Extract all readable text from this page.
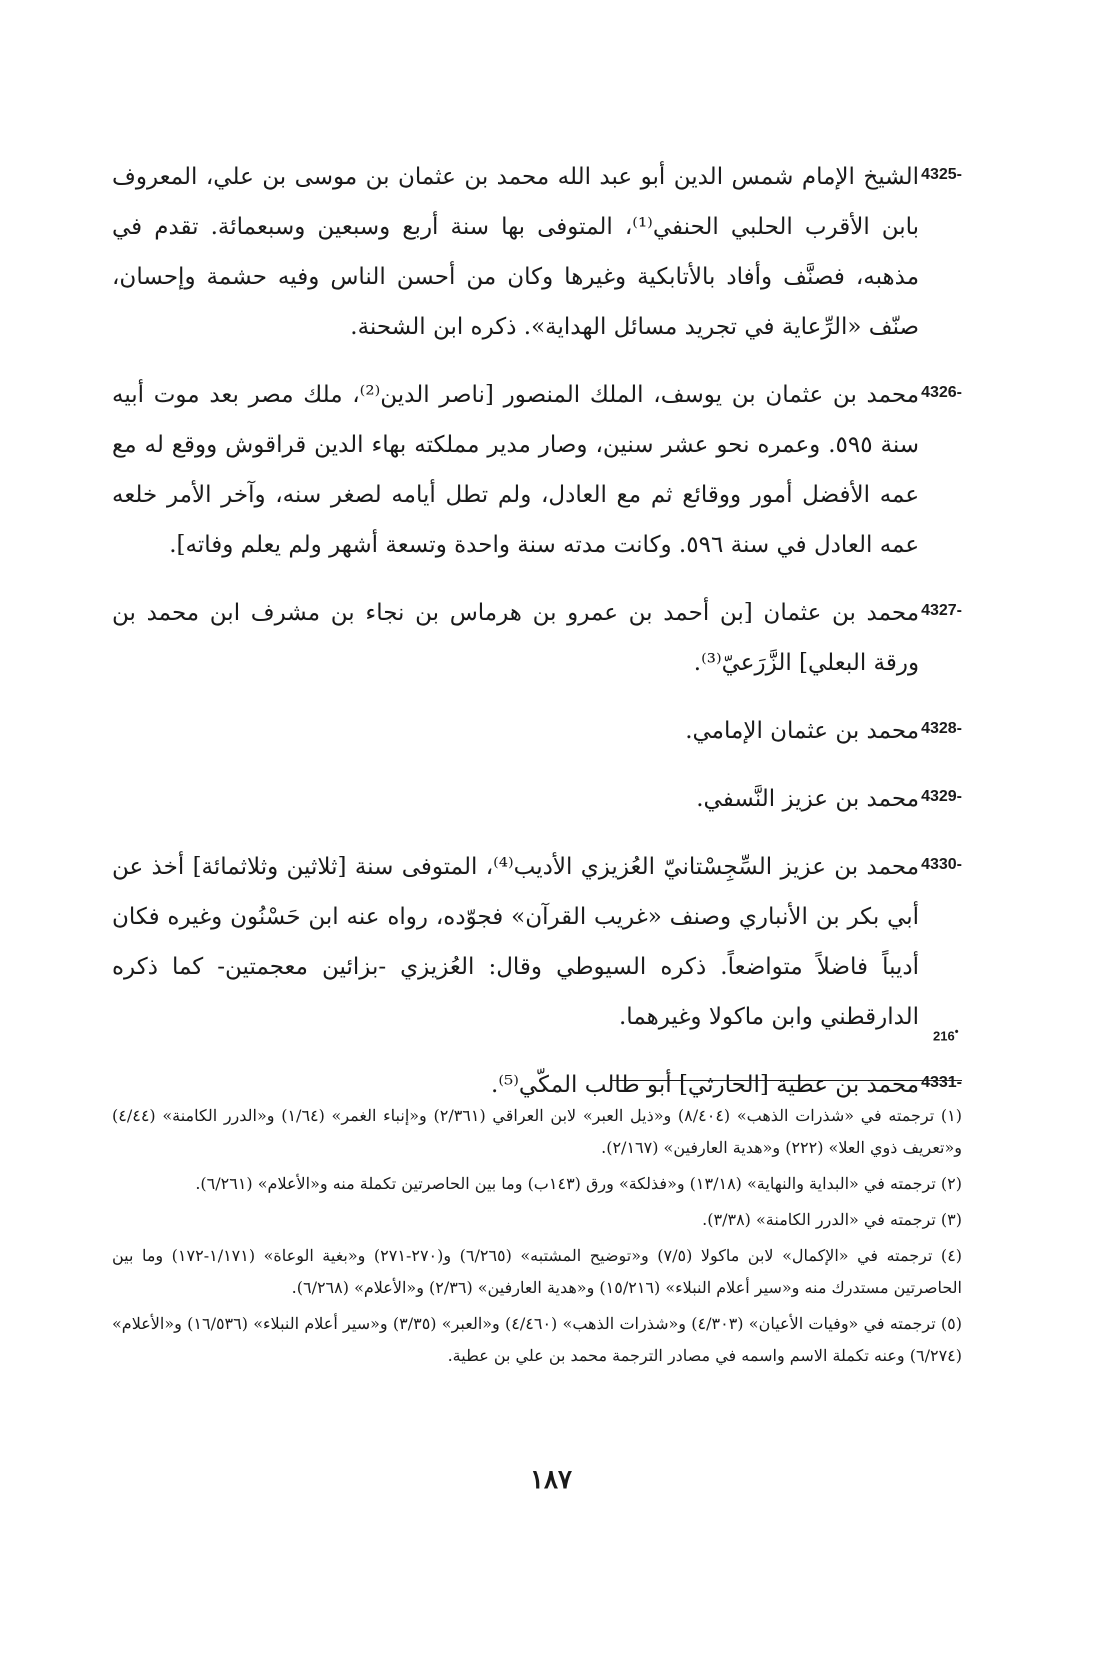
4325-
الشيخ الإمام شمس الدين أبو عبد الله محمد بن عثمان بن موسى بن علي، المعروف بابن الأقرب الحلبي الحنفي⁽¹⁾، المتوفى بها سنة أربع وسبعين وسبعمائة. تقدم في مذهبه، فصنَّف وأفاد بالأتابكية وغيرها وكان من أحسن الناس وفيه حشمة وإحسان، صنّف «الرِّعاية في تجريد مسائل الهداية». ذكره ابن الشحنة.
4326-
محمد بن عثمان بن يوسف، الملك المنصور [ناصر الدين⁽²⁾، ملك مصر بعد موت أبيه سنة ٥٩٥. وعمره نحو عشر سنين، وصار مدير مملكته بهاء الدين قراقوش ووقع له مع عمه الأفضل أمور ووقائع ثم مع العادل، ولم تطل أيامه لصغر سنه، وآخر الأمر خلعه عمه العادل في سنة ٥٩٦. وكانت مدته سنة واحدة وتسعة أشهر ولم يعلم وفاته].
4327-
محمد بن عثمان [بن أحمد بن عمرو بن هرماس بن نجاء بن مشرف ابن محمد بن ورقة البعلي] الزَّرَعيّ⁽³⁾.
4328-
محمد بن عثمان الإمامي.
4329-
محمد بن عزيز النَّسفي.
4330-
محمد بن عزيز السِّجِسْتانيّ العُزيزي الأديب⁽⁴⁾، المتوفى سنة [ثلاثين وثلاثمائة] أخذ عن أبي بكر بن الأنباري وصنف «غريب القرآن» فجوّده، رواه عنه ابن حَسْنُون وغيره فكان أديباً فاضلاً متواضعاً. ذكره السيوطي وقال: العُزيزي -بزائين معجمتين- كما ذكره الدارقطني وابن ماكولا وغيرهما.
4331-
محمد بن عطية [الحارثي] أبو طالب المكّي⁽⁵⁾.
216•
(١) ترجمته في «شذرات الذهب» (٨/٤٠٤) و«ذيل العبر» لابن العراقي (٢/٣٦١) و«إنباء الغمر» (١/٦٤) و«الدرر الكامنة» (٤/٤٤) و«تعريف ذوي العلا» (٢٢٢) و«هدية العارفين» (٢/١٦٧).
(٢) ترجمته في «البداية والنهاية» (١٣/١٨) و«فذلكة» ورق (١٤٣ب) وما بين الحاصرتين تكملة منه و«الأعلام» (٦/٢٦١).
(٣) ترجمته في «الدرر الكامنة» (٣/٣٨).
(٤) ترجمته في «الإكمال» لابن ماكولا (٧/٥) و«توضيح المشتبه» (٦/٢٦٥) و(٢٧٠-٢٧١) و«بغية الوعاة» (١/١٧١-١٧٢) وما بين الحاصرتين مستدرك منه و«سير أعلام النبلاء» (١٥/٢١٦) و«هدية العارفين» (٢/٣٦) و«الأعلام» (٦/٢٦٨).
(٥) ترجمته في «وفيات الأعيان» (٤/٣٠٣) و«شذرات الذهب» (٤/٤٦٠) و«العبر» (٣/٣٥) و«سير أعلام النبلاء» (١٦/٥٣٦) و«الأعلام» (٦/٢٧٤) وعنه تكملة الاسم واسمه في مصادر الترجمة محمد بن علي بن عطية.
١٨٧
